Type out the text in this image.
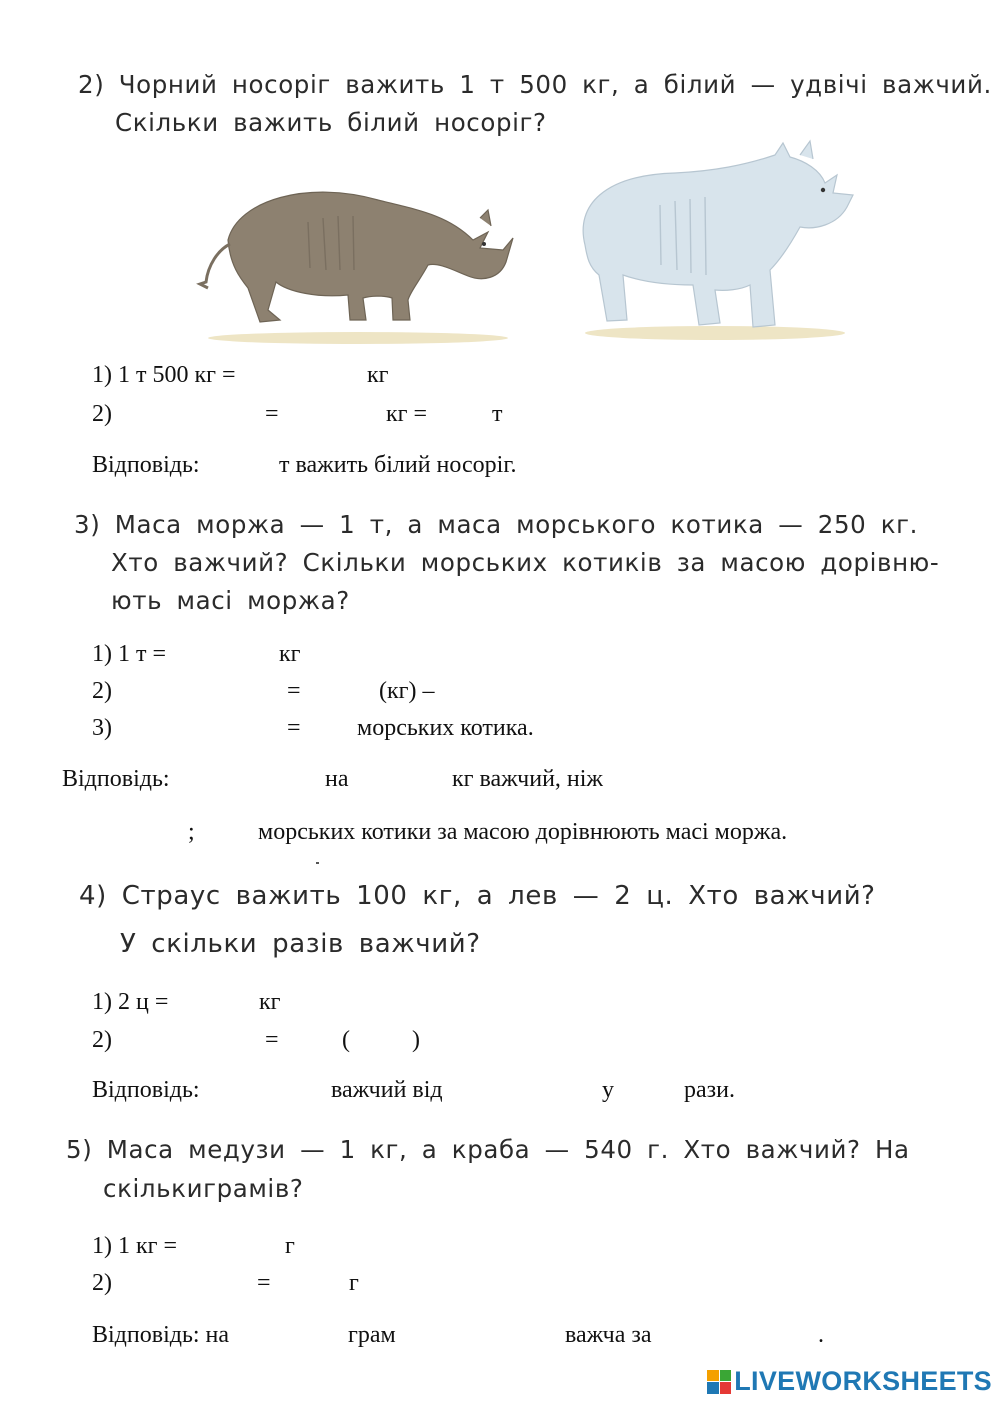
2) Чорний носоріг важить 1 т 500 кг, а білий — удвічі важчий.

Скільки важить білий носоріг?

1) 1 т 500 кг =	кг

2)	=	кг =	т

Відповідь:	т важить білий носоріг.

3) Маса моржа — 1 т, а маса морського котика — 250 кг.

Хто важчий? Скільки морських котиків за масою дорівню-

ють масі моржа?

1) 1 т =	кг

2)	=	(кг) –

3)	= морських котика.

Відповідь:	на	кг важчий, ніж

;	морських котики за масою дорівнюють масі моржа.

4) Страус важить 100 кг, а лев — 2 ц. Хто важчий?

У скільки разів важчий?

1) 2 ц =	кг

2)	=	(	)

Відповідь:	важчий від	у	рази.

5) Маса медузи — 1 кг, а краба — 540 г. Хто важчий? На

скількиграмів?

1) 1 кг =	г

2)	=	г

Відповідь: на	грам	важча за	.

LIVEWORKSHEETS
